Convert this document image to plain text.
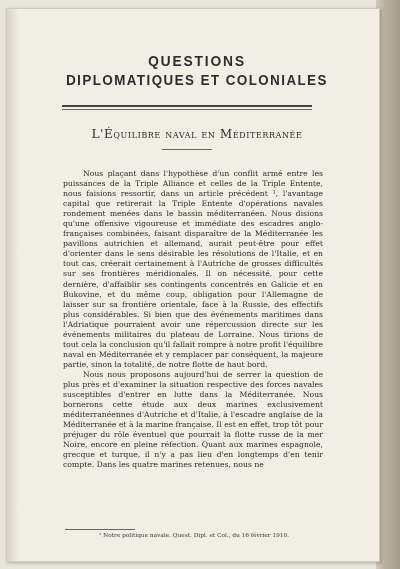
QUESTIONS
DIPLOMATIQUES ET COLONIALES
L'Équilibre naval en Méditerranée

Nous plaçant dans l'hypothèse d'un conflit armé entre les puissances de la Triple Alliance et celles de la Triple Entente, nous faisions ressortir, dans un article précédent ¹, l'avantage capital que retirerait la Triple Entente d'opérations navales rondement menées dans le bassin méditerranéen. Nous disions qu'une offensive vigoureuse et immédiate des escadres anglo-françaises combinées, faisant disparaître de la Méditerranée les pavillons autrichien et allemand, aurait peut-être pour effet d'orienter dans le sens désirable les résolutions de l'Italie, et en tout cas, créerait certainement à l'Autriche de grosses difficultés sur ses frontières méridionales. Il on nécessité, pour cette dernière, d'affaiblir ses contingents concentrés en Galicie et en Bukovine, et du même coup, obligation pour l'Allemagne de laisser sur sa frontière orientale, face à la Russie, des effectifs plus considérables. Si bien que des événements maritimes dans l'Adriatique pourraient avoir une répercussion directe sur les événements militaires du plateau de Lorraine. Nous tirions de tout cela la conclusion qu'il fallait rompre à notre profit l'équilibre naval en Méditerranée et y remplacer par conséquent, la majeure partie, sinon la totalité, de notre flotte de haut bord.

Nous nous proposons aujourd'hui de serrer la question de plus près et d'examiner la situation respective des forces navales susceptibles d'entrer en lutte dans la Méditerranée. Nous bornerons cette étude aux deux marines exclusivement méditerranéennes d'Autriche et d'Italie, à l'escadre anglaise de la Méditerranée et à la marine française. Il est en effet, trop tôt pour préjuger du rôle éventuel que pourrait la flotte russe de la mer Noire, encore en pleine réfection. Quant aux marines espagnole, grecque et turque, il n'y a pas lieu d'en longtemps d'en tenir compte. Dans les quatre marines retenues, nous ne

¹ Notre politique navale. Quest. Dipl. et Col., du 16 février 1910.
